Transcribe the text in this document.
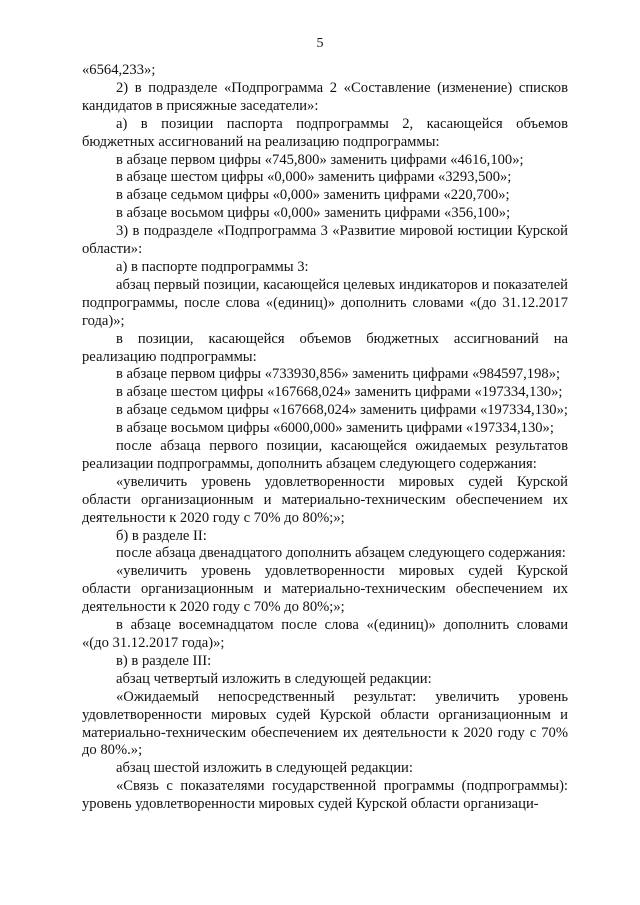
5

«6564,233»;

2) в подразделе «Подпрограмма 2 «Составление (изменение) списков кандидатов в присяжные заседатели»:

а) в позиции паспорта подпрограммы 2, касающейся объемов бюджетных ассигнований на реализацию подпрограммы:

в абзаце первом цифры «745,800» заменить цифрами «4616,100»;

в абзаце шестом цифры «0,000» заменить цифрами «3293,500»;

в абзаце седьмом цифры «0,000» заменить цифрами «220,700»;

в абзаце восьмом цифры «0,000» заменить цифрами «356,100»;

3) в подразделе «Подпрограмма 3 «Развитие мировой юстиции Курской области»:

а) в паспорте подпрограммы 3:

абзац первый позиции, касающейся целевых индикаторов и показателей подпрограммы, после слова «(единиц)» дополнить словами «(до 31.12.2017 года)»;

в позиции, касающейся объемов бюджетных ассигнований на реализацию подпрограммы:

в абзаце первом цифры «733930,856» заменить цифрами «984597,198»;

в абзаце шестом цифры «167668,024» заменить цифрами «197334,130»;

в абзаце седьмом цифры «167668,024» заменить цифрами «197334,130»;

в абзаце восьмом цифры «6000,000» заменить цифрами «197334,130»;

после абзаца первого позиции, касающейся ожидаемых результатов реализации подпрограммы, дополнить абзацем следующего содержания:

«увеличить уровень удовлетворенности мировых судей Курской области организационным и материально-техническим обеспечением их деятельности к 2020 году с 70% до 80%;»;

б) в разделе II:

после абзаца двенадцатого дополнить абзацем следующего содержания:

«увеличить уровень удовлетворенности мировых судей Курской области организационным и материально-техническим обеспечением их деятельности к 2020 году с 70% до 80%;»;

в абзаце восемнадцатом после слова «(единиц)» дополнить словами «(до 31.12.2017 года)»;

в) в разделе III:

абзац четвертый изложить в следующей редакции:

«Ожидаемый непосредственный результат: увеличить уровень удовлетворенности мировых судей Курской области организационным и материально-техническим обеспечением их деятельности к 2020 году с 70% до 80%.»;

абзац шестой изложить в следующей редакции:

«Связь с показателями государственной программы (подпрограммы): уровень удовлетворенности мировых судей Курской области организаци-
